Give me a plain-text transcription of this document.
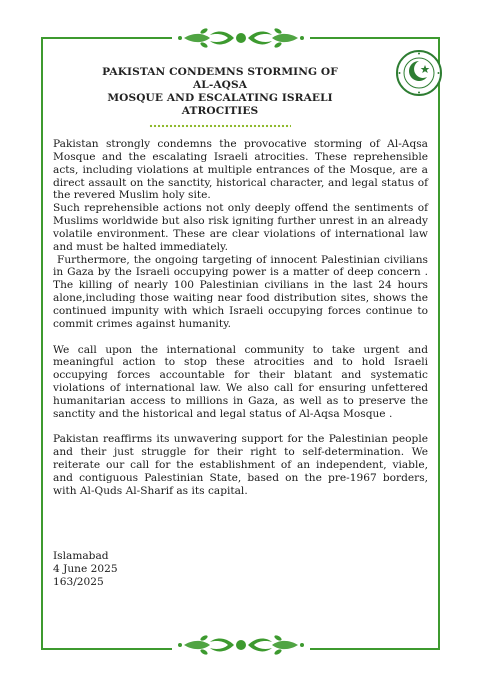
PAKISTAN CONDEMNS STORMING OF AL-AQSA
MOSQUE AND ESCALATING ISRAELI ATROCITIES

Pakistan strongly condemns the provocative storming of Al-Aqsa Mosque and the escalating Israeli atrocities. These reprehensible acts, including violations at multiple entrances of the Mosque, are a direct assault on the sanctity, historical character, and legal status of the revered Muslim holy site.

Such reprehensible actions not only deeply offend the sentiments of Muslims worldwide but also risk igniting further unrest in an already volatile environment. These are clear violations of international law and must be halted immediately.

Furthermore, the ongoing targeting of innocent Palestinian civilians in Gaza by the Israeli occupying power is a matter of deep concern . The killing of nearly 100 Palestinian civilians in the last 24 hours alone,including those waiting near food distribution sites, shows the continued impunity with which Israeli occupying forces continue to commit crimes against humanity.

We call upon the international community to take urgent and meaningful action to stop these atrocities and to hold Israeli occupying forces accountable for their blatant and systematic violations of international law. We also call for ensuring unfettered humanitarian access to millions in Gaza, as well as to preserve the sanctity and the historical and legal status of Al-Aqsa Mosque .

Pakistan reaffirms its unwavering support for the Palestinian people and their just struggle for their right to self-determination. We reiterate our call for the establishment of an independent, viable, and contiguous Palestinian State, based on the pre-1967 borders, with Al-Quds Al-Sharif as its capital.

Islamabad
4 June 2025
163/2025
